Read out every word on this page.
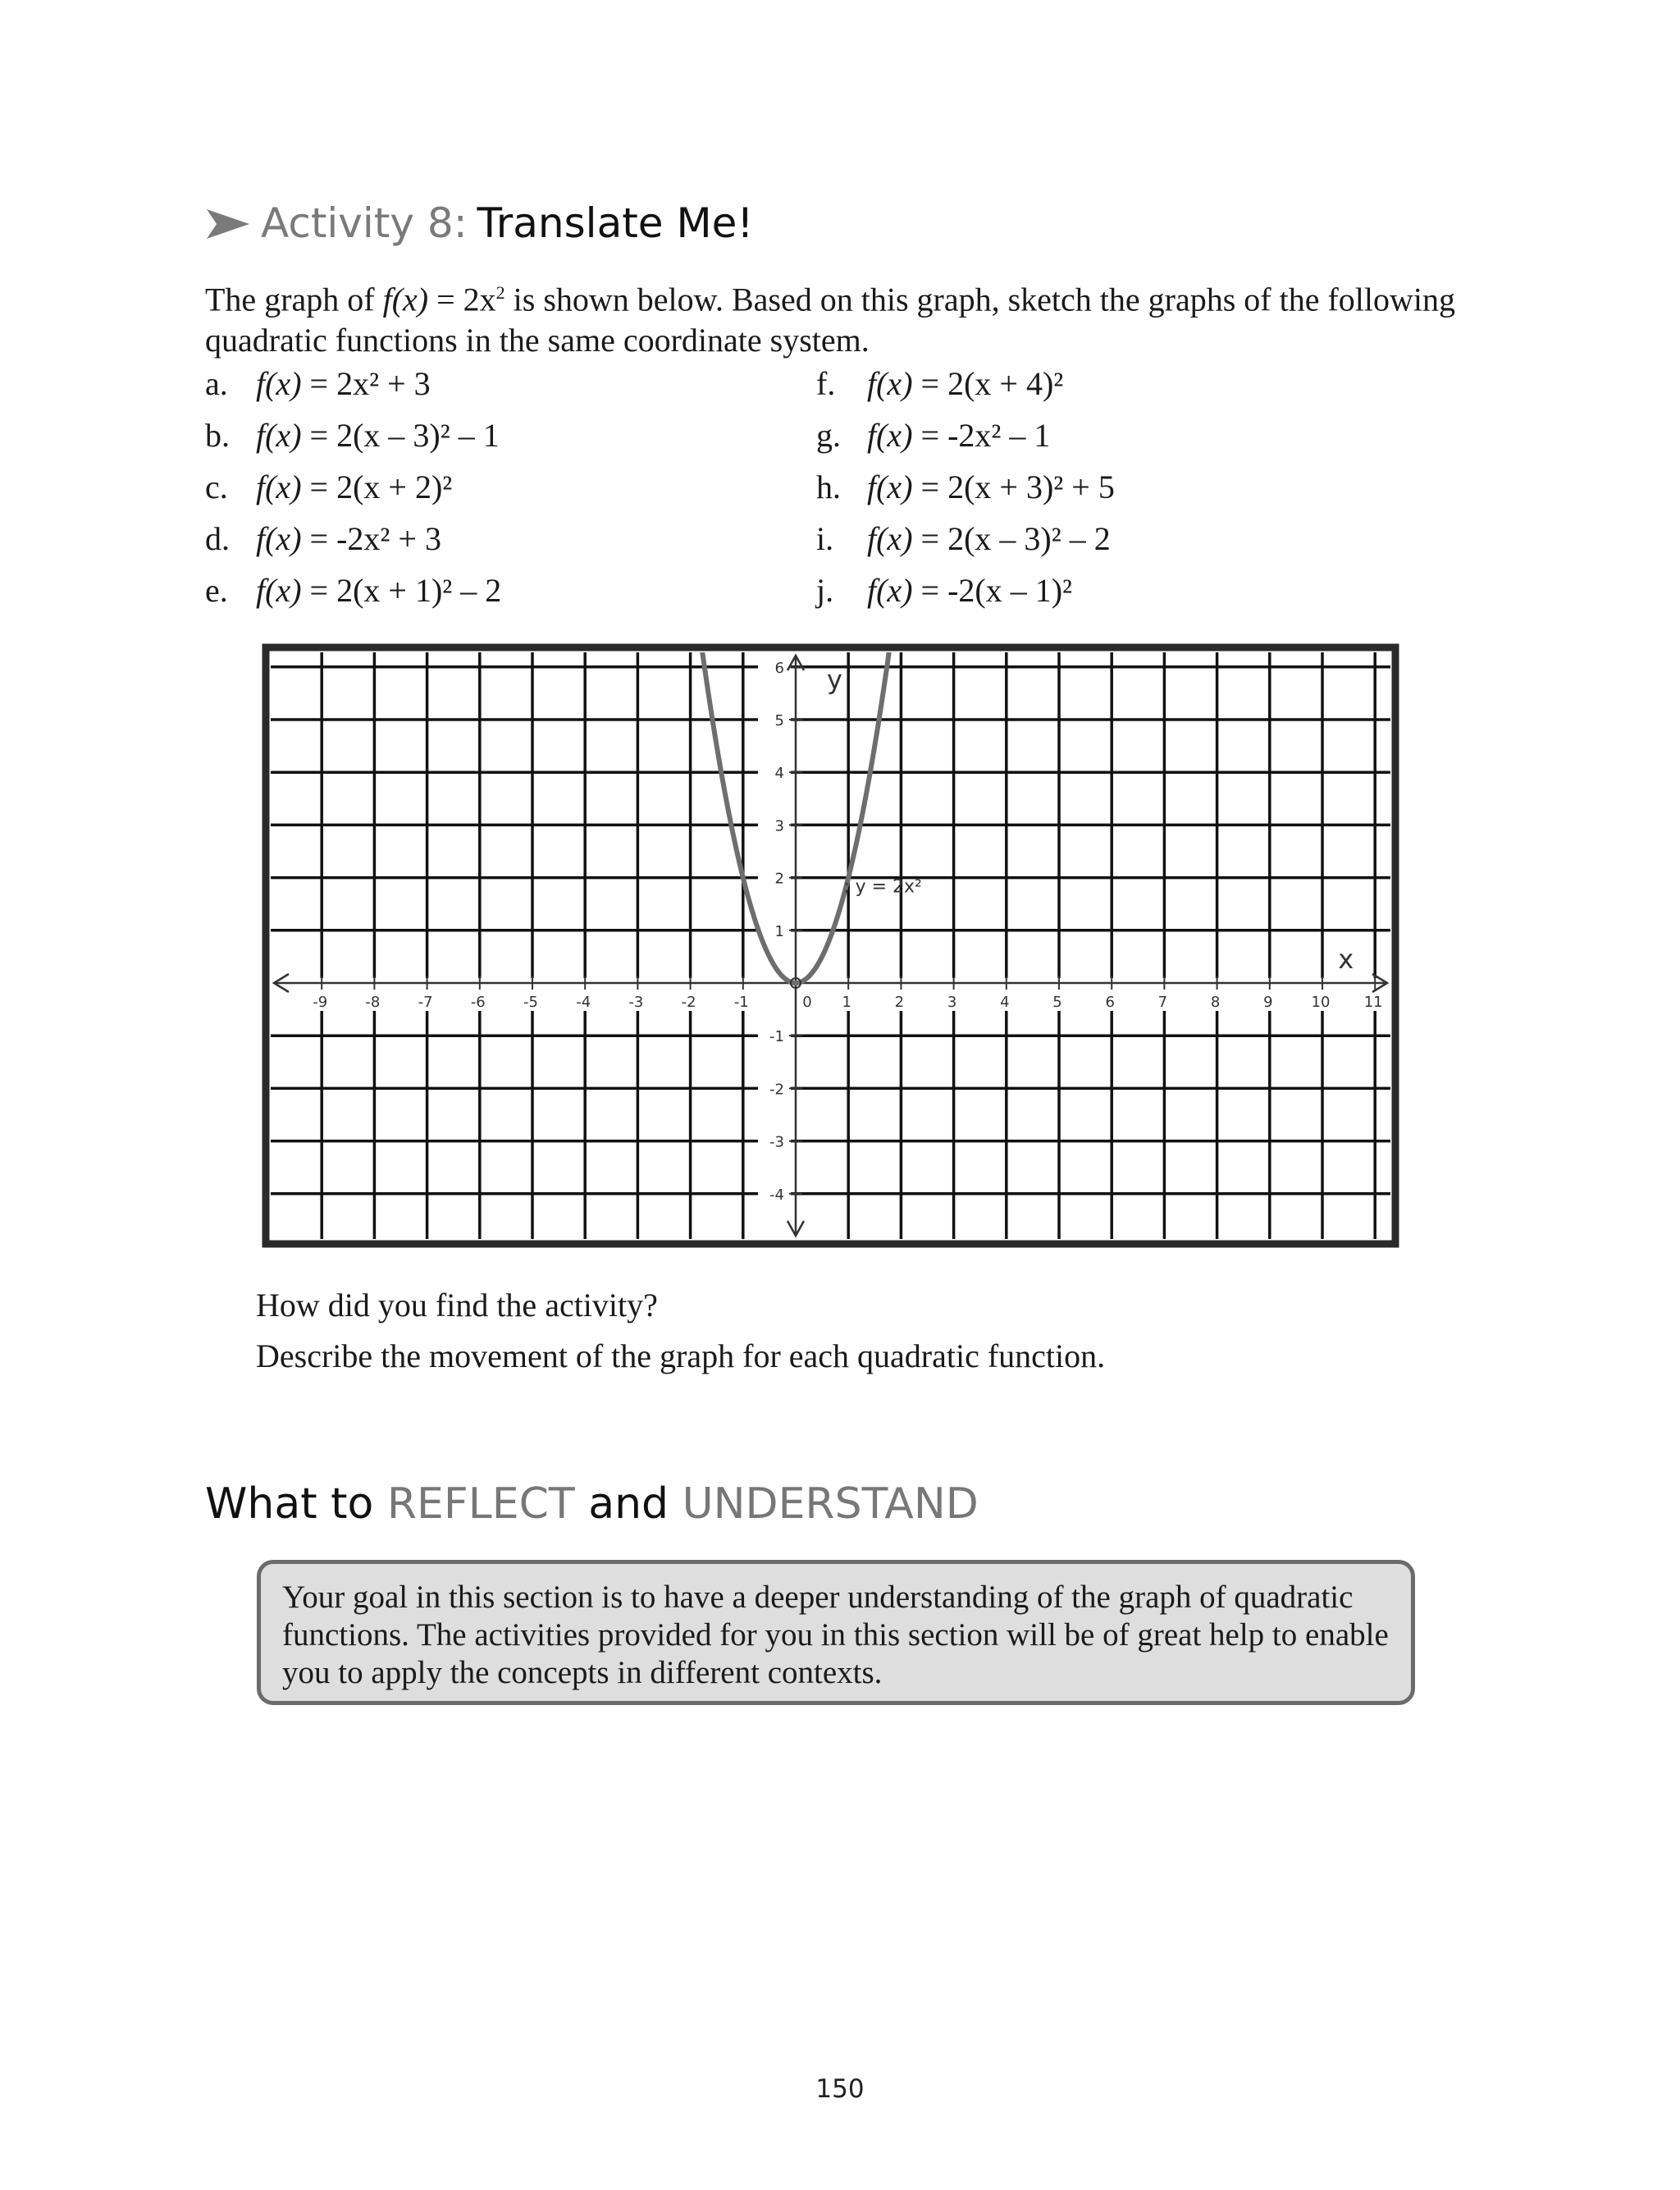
Activity 8: Translate Me!
The graph of $f(x) = 2x^2$ is shown below. Based on this graph, sketch the graphs of the following quadratic functions in the same coordinate system.
a. f(x) = 2x² + 3
b. f(x) = 2(x – 3)² – 1
c. f(x) = 2(x + 2)²
d. f(x) = -2x² + 3
e. f(x) = 2(x + 1)² – 2
f. f(x) = 2(x + 4)²
g. f(x) = -2x² – 1
h. f(x) = 2(x + 3)² + 5
i. f(x) = 2(x – 3)² – 2
j. f(x) = -2(x – 1)²
-9	-8	-7	-6	-5	-4	-3	-2	-1	0 1	2	3	4	5	6	7	8	9	10 11
-4
-3
-2
-1
1
2
3
4
5
6 y
x
: y = 2x²
How did you find the activity?
Describe the movement of the graph for each quadratic function.
What to REFLECT and UNDERSTAND
Your goal in this section is to have a deeper understanding of the graph of quadratic functions. The activities provided for you in this section will be of great help to enable you to apply the concepts in different contexts.
150
